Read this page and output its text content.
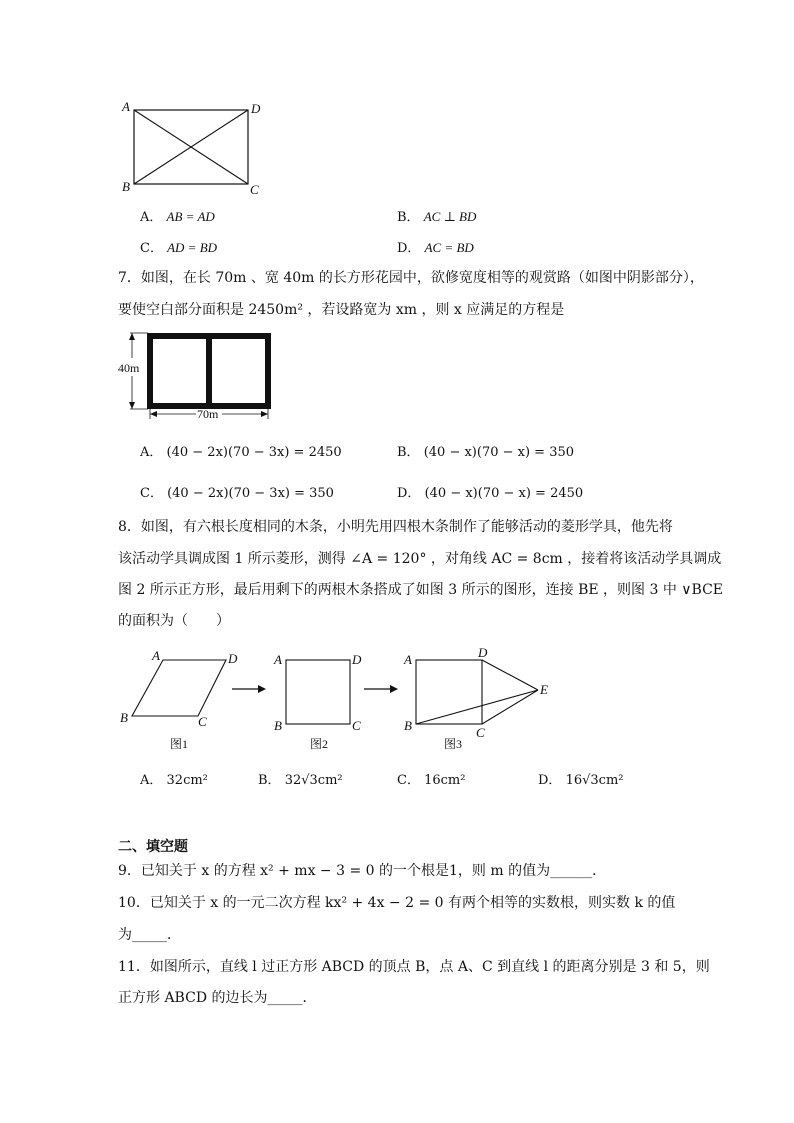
A	D
B	C
A． AB = AD	B． AC ⊥ BD
C． AD = BD	D． AC = BD
7．如图，在长 70m 、宽 40m 的长方形花园中，欲修宽度相等的观赏路（如图中阴影部分），
要使空白部分面积是 2450m² ，若设路宽为 xm ，则 x 应满足的方程是
40m
70m
A． (40 − 2x)(70 − 3x) = 2450	B． (40 − x)(70 − x) = 350
C． (40 − 2x)(70 − 3x) = 350	D． (40 − x)(70 − x) = 2450
8．如图，有六根长度相同的木条，小明先用四根木条制作了能够活动的菱形学具，他先将
该活动学具调成图 1 所示菱形，测得 ∠A = 120° ，对角线 AC = 8cm ，接着将该活动学具调成
图 2 所示正方形，最后用剩下的两根木条搭成了如图 3 所示的图形，连接 BE ，则图 3 中 ∨BCE
的面积为（　　）
A	D
B	C
图1
A	D
B	C
图2
A	D
B	C
E
图3
A． 32cm²	B． 32√3cm²	C． 16cm²	D． 16√3cm²
二、填空题
9．已知关于 x 的方程 x² + mx − 3 = 0 的一个根是1，则 m 的值为______．
10．已知关于 x 的一元二次方程 kx² + 4x − 2 = 0 有两个相等的实数根，则实数 k 的值
为_____．
11．如图所示，直线 l 过正方形 ABCD 的顶点 B，点 A、C 到直线 l 的距离分别是 3 和 5，则
正方形 ABCD 的边长为_____．
